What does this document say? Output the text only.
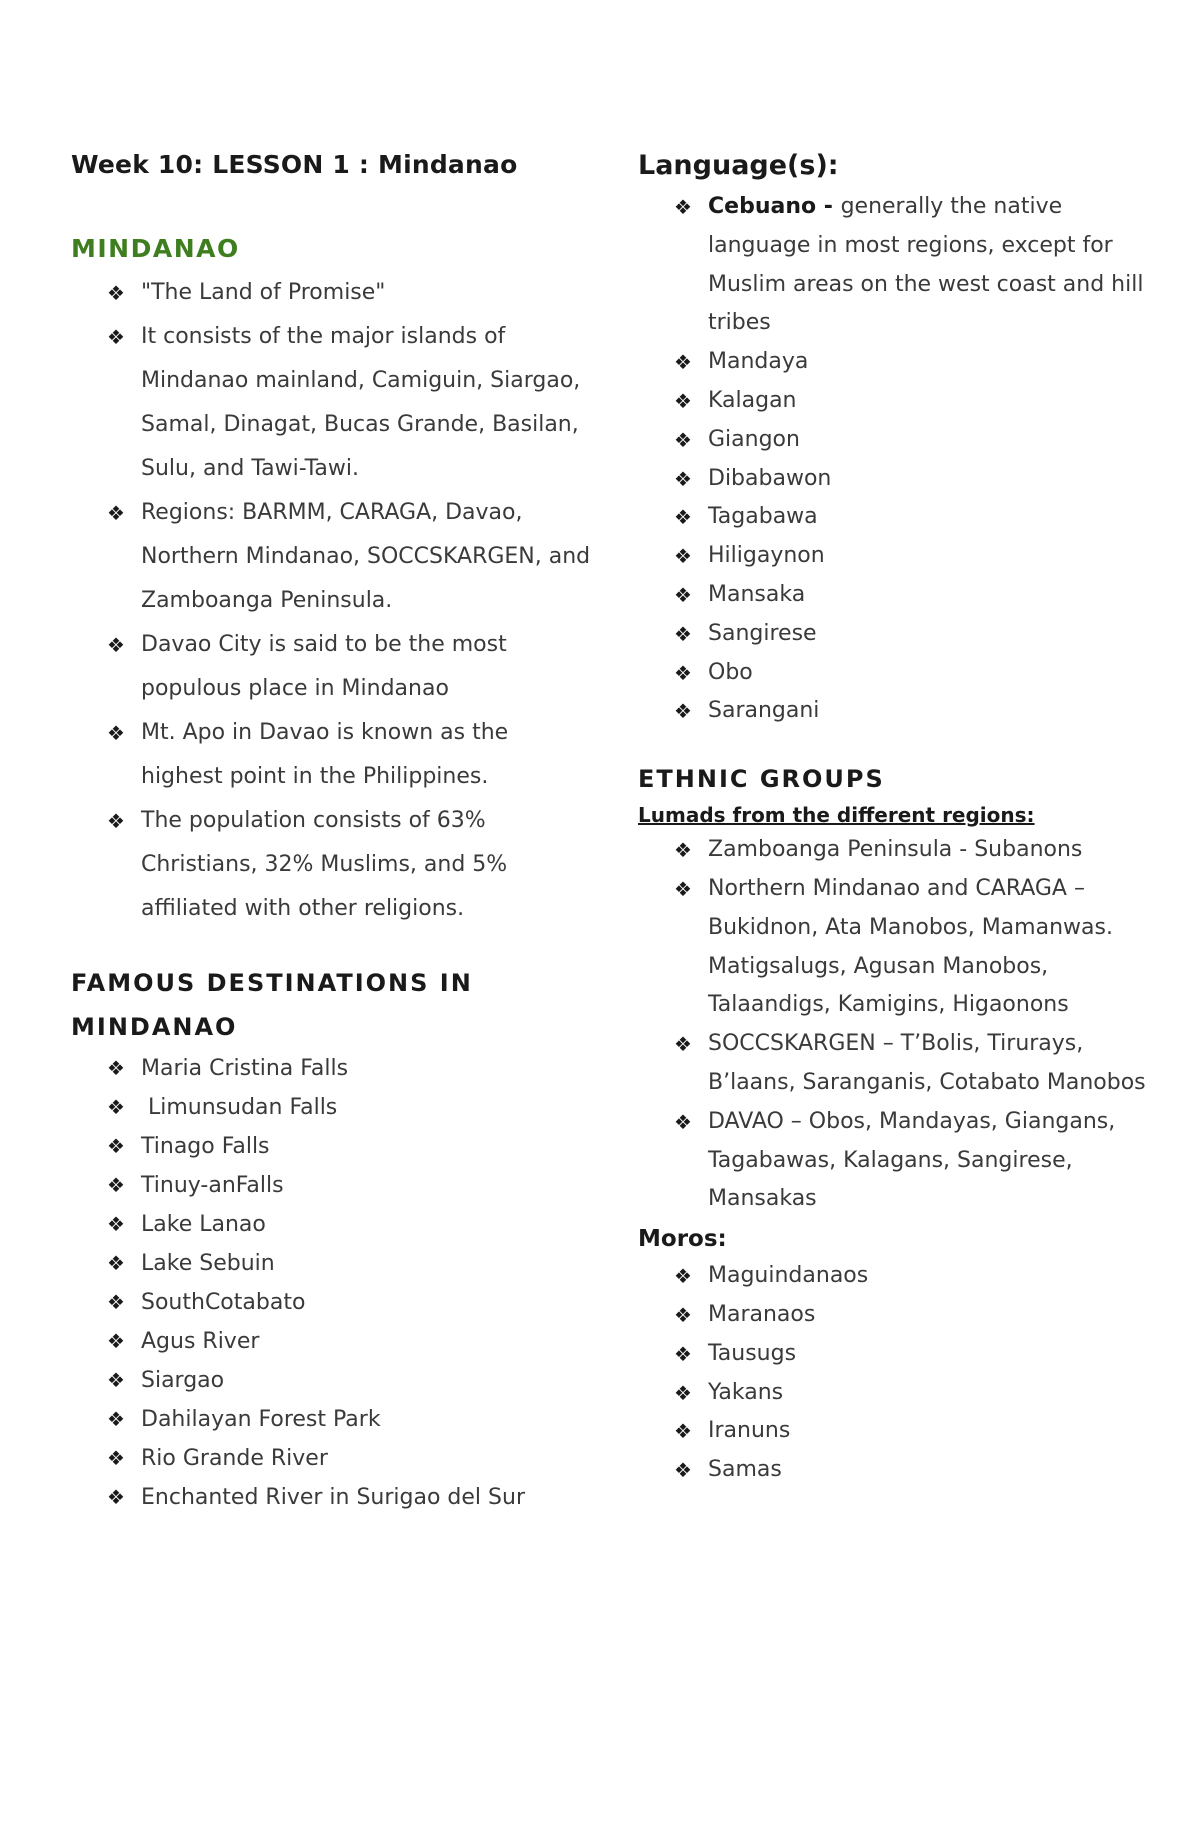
Week 10: LESSON 1 : Mindanao
MINDANAO
❖ "The Land of Promise"
❖ It consists of the major islands of Mindanao mainland, Camiguin, Siargao, Samal, Dinagat, Bucas Grande, Basilan, Sulu, and Tawi-Tawi.
❖ Regions: BARMM, CARAGA, Davao, Northern Mindanao, SOCCSKARGEN, and Zamboanga Peninsula.
❖ Davao City is said to be the most populous place in Mindanao
❖ Mt. Apo in Davao is known as the highest point in the Philippines.
❖ The population consists of 63% Christians, 32% Muslims, and 5% affiliated with other religions.
FAMOUS DESTINATIONS IN
MINDANAO
❖ Maria Cristina Falls
❖ Limunsudan Falls
❖ Tinago Falls
❖ Tinuy-anFalls
❖ Lake Lanao
❖ Lake Sebuin
❖ SouthCotabato
❖ Agus River
❖ Siargao
❖ Dahilayan Forest Park
❖ Rio Grande River
❖ Enchanted River in Surigao del Sur
Language(s):
❖ Cebuano - generally the native language in most regions, except for Muslim areas on the west coast and hill tribes
❖ Mandaya
❖ Kalagan
❖ Giangon
❖ Dibabawon
❖ Tagabawa
❖ Hiligaynon
❖ Mansaka
❖ Sangirese
❖ Obo
❖ Sarangani
ETHNIC GROUPS
Lumads from the different regions:
❖ Zamboanga Peninsula - Subanons
❖ Northern Mindanao and CARAGA – Bukidnon, Ata Manobos, Mamanwas. Matigsalugs, Agusan Manobos, Talaandigs, Kamigins, Higaonons
❖ SOCCSKARGEN – T’Bolis, Tirurays, B’laans, Saranganis, Cotabato Manobos
❖ DAVAO – Obos, Mandayas, Giangans, Tagabawas, Kalagans, Sangirese, Mansakas
Moros:
❖ Maguindanaos
❖ Maranaos
❖ Tausugs
❖ Yakans
❖ Iranuns
❖ Samas
